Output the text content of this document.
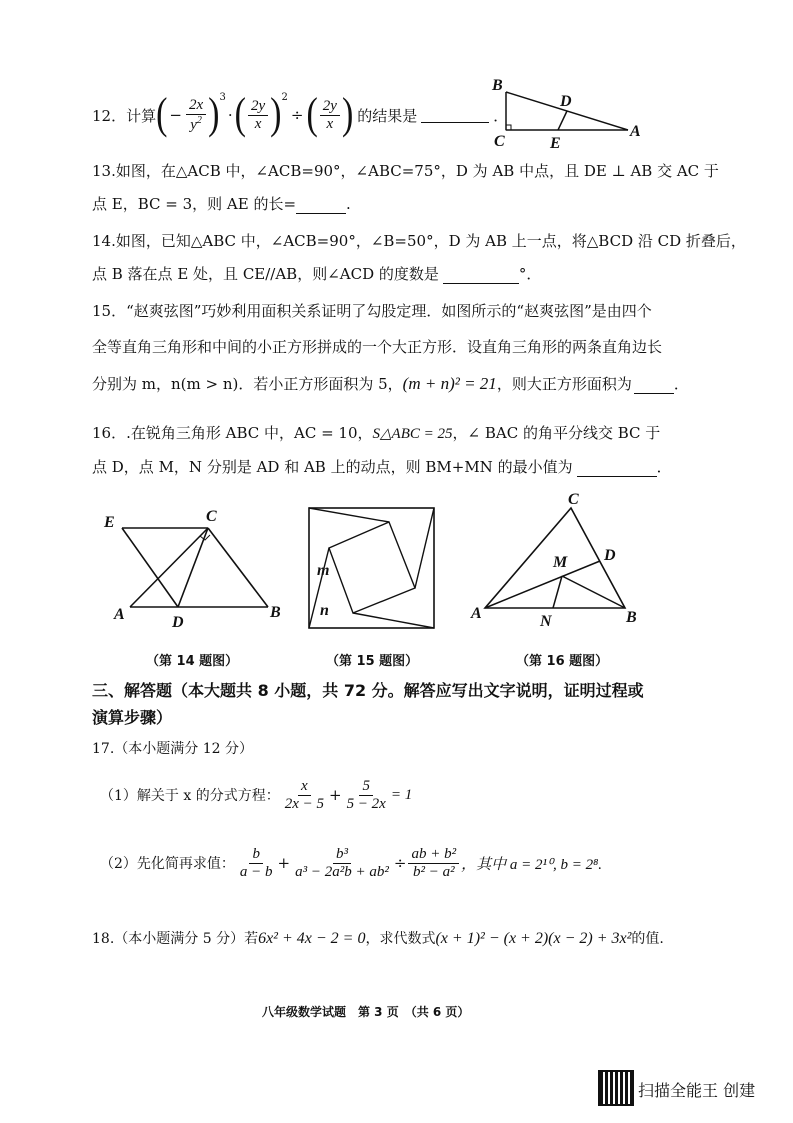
12．计算 ( − $\frac{2x}{y^2} )^3$
· ( $\frac{2y}{x} )^2$
÷ ( $\frac{2y}{x}$ ) 的结果是	．
B
D
C	E
A
13.如图，在△ACB 中，∠ACB=90°，∠ABC=75°，D 为 AB 中点，且 DE ⊥ AB 交 AC 于
点 E，BC = 3，则 AE 的长=	.
14.如图，已知△ABC 中，∠ACB=90°，∠B=50°，D 为 AB 上一点，将△BCD 沿 CD 折叠后，
点 B 落在点 E 处，且 CE//AB，则∠ACD 的度数是	°．
15．“赵爽弦图”巧妙利用面积关系证明了勾股定理．如图所示的“赵爽弦图”是由四个
全等直角三角形和中间的小正方形拼成的一个大正方形．设直角三角形的两条直角边长
分别为 m，n(m > n)．若小正方形面积为 5，(m + n)² = 21，则大正方形面积为	．
16．.在锐角三角形 ABC 中，AC = 10，S△ABC = 25，∠ BAC 的角平分线交 BC 于
点 D，点 M，N 分别是 AD 和 AB 上的动点，则 BM+MN 的最小值为	．
E	C
A	D
B
m
n
C
D
M
A	N	B
（第 14 题图）	（第 15 题图）	（第 16 题图）
三、解答题（本大题共 8 小题，共 72 分。解答应写出文字说明，证明过程或
演算步骤）
17.（本小题满分 12 分）
（1）解关于 x 的分式方程： $\frac{x}{2x - 5} + \frac{5}{5 - 2x} = 1$
（2）先化简再求值： $\frac{b}{a - b} + \frac{\text{b³}}{\text{a³ − 2a²b + ab²}} \div \frac{\text{ab + b²}}{\text{b² − a²}}$ ，其中 a = 2¹⁰, b = 2⁸.
18.（本小题满分 5 分）若6x² + 4x − 2 = 0，求代数式(x + 1)² − (x + 2)(x − 2) + 3x²的值.
八年级数学试题　第 3 页　（共 6 页）
扫描全能王 创建
